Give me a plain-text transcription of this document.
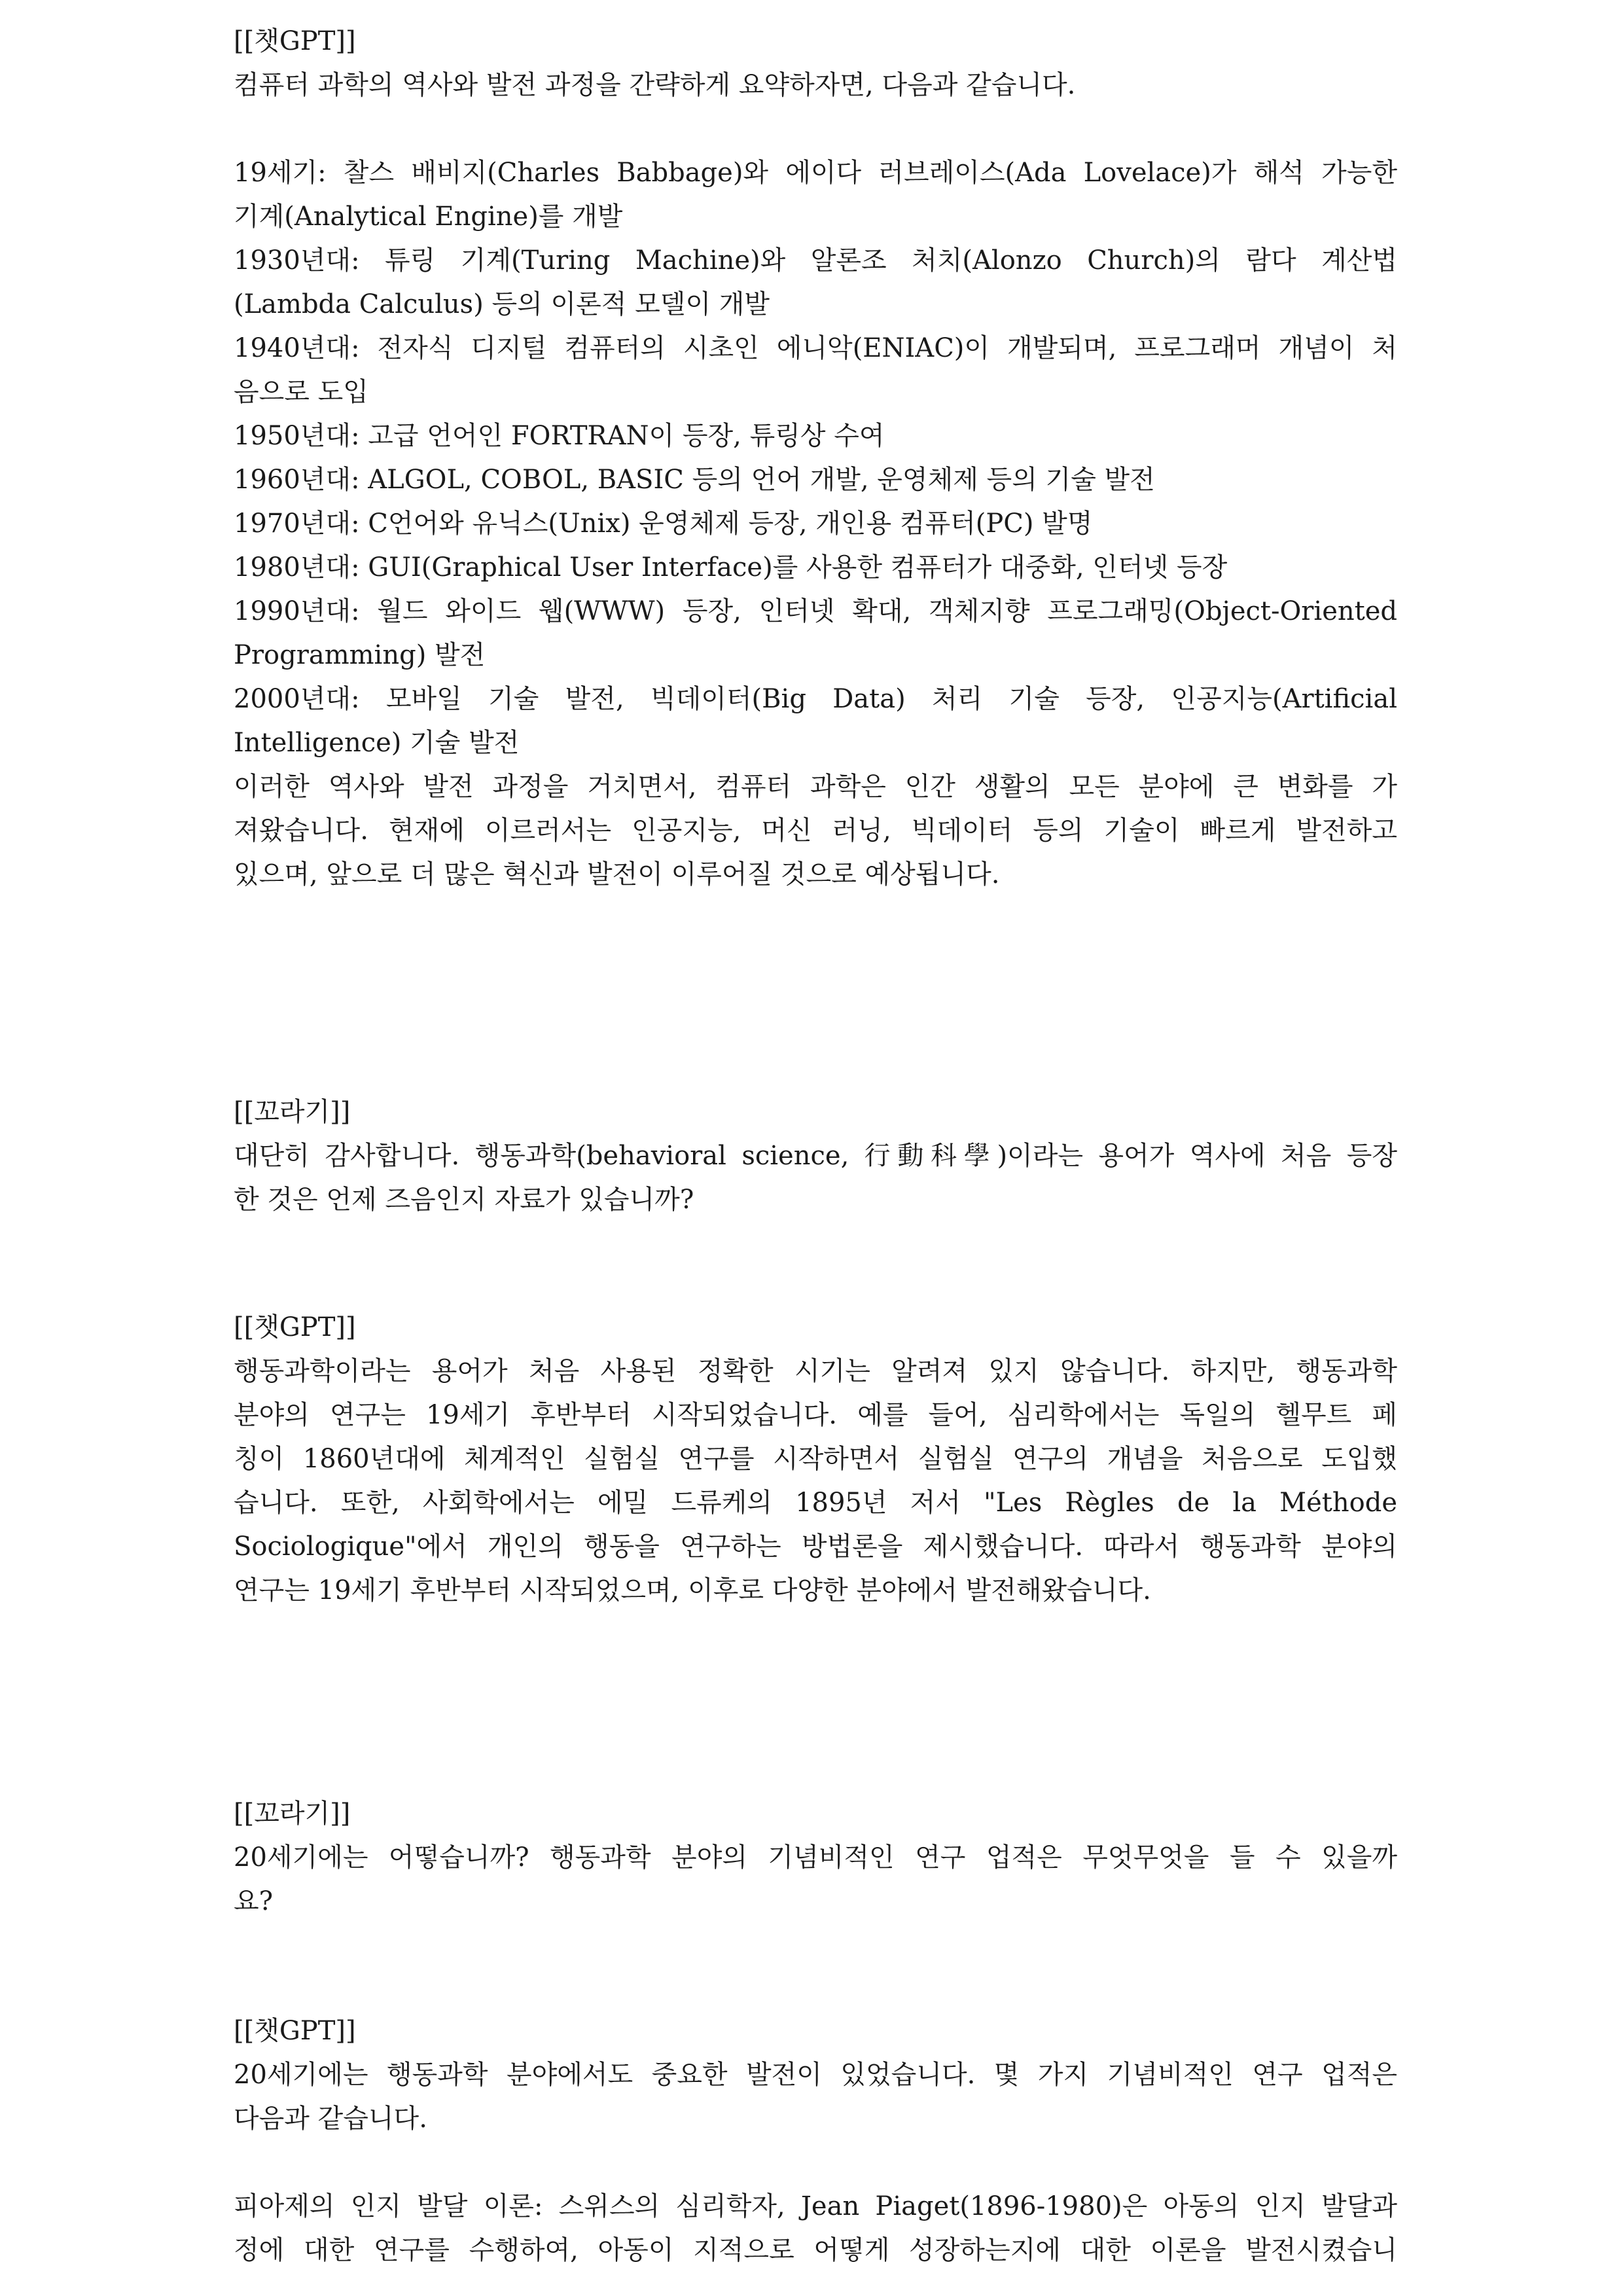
[[챗GPT]]
컴퓨터 과학의 역사와 발전 과정을 간략하게 요약하자면, 다음과 같습니다.
19세기: 찰스 배비지(Charles Babbage)와 에이다 러브레이스(Ada Lovelace)가 해석 가능한
기계(Analytical Engine)를 개발
1930년대: 튜링 기계(Turing Machine)와 알론조 처치(Alonzo Church)의 람다 계산법
(Lambda Calculus) 등의 이론적 모델이 개발
1940년대: 전자식 디지털 컴퓨터의 시초인 에니악(ENIAC)이 개발되며, 프로그래머 개념이 처
음으로 도입
1950년대: 고급 언어인 FORTRAN이 등장, 튜링상 수여
1960년대: ALGOL, COBOL, BASIC 등의 언어 개발, 운영체제 등의 기술 발전
1970년대: C언어와 유닉스(Unix) 운영체제 등장, 개인용 컴퓨터(PC) 발명
1980년대: GUI(Graphical User Interface)를 사용한 컴퓨터가 대중화, 인터넷 등장
1990년대: 월드 와이드 웹(WWW) 등장, 인터넷 확대, 객체지향 프로그래밍(Object-Oriented
Programming) 발전
2000년대: 모바일 기술 발전, 빅데이터(Big Data) 처리 기술 등장, 인공지능(Artificial
Intelligence) 기술 발전
이러한 역사와 발전 과정을 거치면서, 컴퓨터 과학은 인간 생활의 모든 분야에 큰 변화를 가
져왔습니다. 현재에 이르러서는 인공지능, 머신 러닝, 빅데이터 등의 기술이 빠르게 발전하고
있으며, 앞으로 더 많은 혁신과 발전이 이루어질 것으로 예상됩니다.
[[꼬라기]]
대단히 감사합니다. 행동과학(behavioral science, 行動科學)이라는 용어가 역사에 처음 등장
한 것은 언제 즈음인지 자료가 있습니까?
[[챗GPT]]
행동과학이라는 용어가 처음 사용된 정확한 시기는 알려져 있지 않습니다. 하지만, 행동과학
분야의 연구는 19세기 후반부터 시작되었습니다. 예를 들어, 심리학에서는 독일의 헬무트 페
칭이 1860년대에 체계적인 실험실 연구를 시작하면서 실험실 연구의 개념을 처음으로 도입했
습니다. 또한, 사회학에서는 에밀 드류케의 1895년 저서 "Les Règles de la Méthode
Sociologique"에서 개인의 행동을 연구하는 방법론을 제시했습니다. 따라서 행동과학 분야의
연구는 19세기 후반부터 시작되었으며, 이후로 다양한 분야에서 발전해왔습니다.
[[꼬라기]]
20세기에는 어떻습니까? 행동과학 분야의 기념비적인 연구 업적은 무엇무엇을 들 수 있을까
요?
[[챗GPT]]
20세기에는 행동과학 분야에서도 중요한 발전이 있었습니다. 몇 가지 기념비적인 연구 업적은
다음과 같습니다.
피아제의 인지 발달 이론: 스위스의 심리학자, Jean Piaget(1896-1980)은 아동의 인지 발달과
정에 대한 연구를 수행하여, 아동이 지적으로 어떻게 성장하는지에 대한 이론을 발전시켰습니
